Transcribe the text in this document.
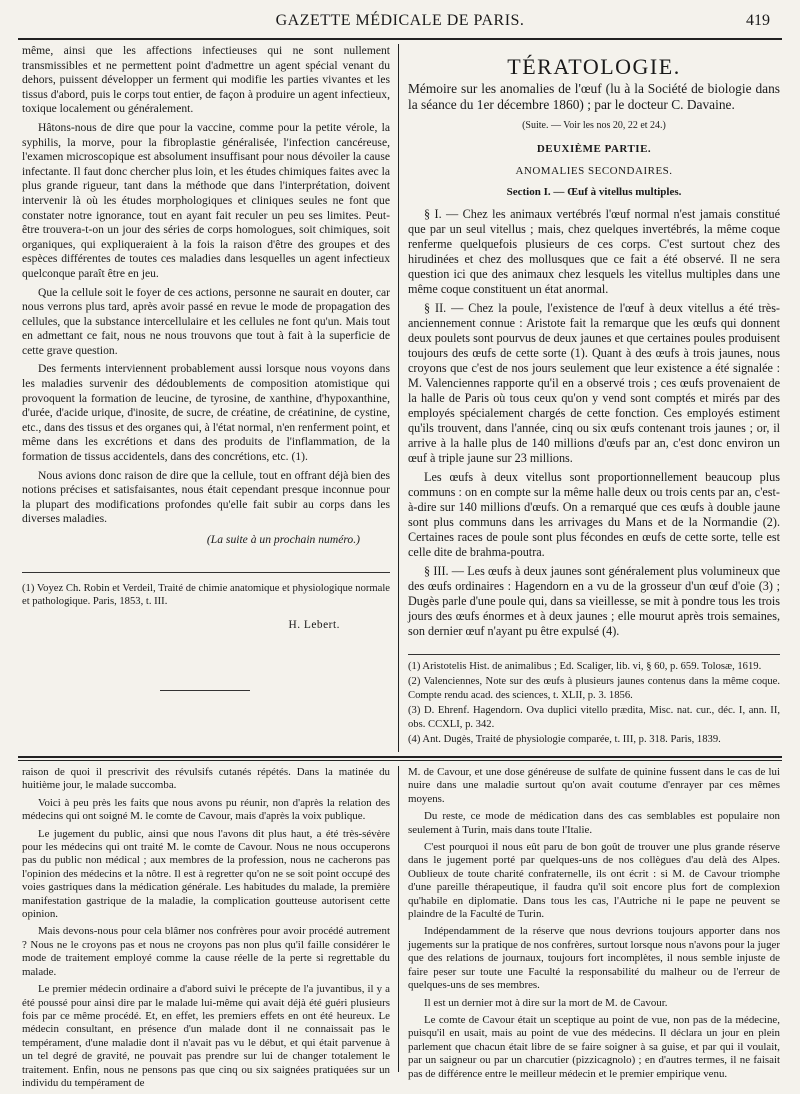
GAZETTE MÉDICALE DE PARIS.	419

même, ainsi que les affections infectieuses qui ne sont nullement transmissibles et ne permettent point d'admettre un agent spécial venant du dehors, puissent développer un ferment qui modifie les parties vivantes et les tissus d'abord, puis le corps tout entier, de façon à produire un agent infectieux, toxique localement ou généralement.

Hâtons-nous de dire que pour la vaccine, comme pour la petite vérole, la syphilis, la morve, pour la fibroplastie généralisée, l'infection cancéreuse, l'examen microscopique est absolument insuffisant pour nous dévoiler la cause infectante. Il faut donc chercher plus loin, et les études chimiques faites avec la plus grande rigueur, tant dans la méthode que dans l'interprétation, doivent intervenir là où les études morphologiques et cliniques seules ne font que constater notre ignorance, tout en ayant fait reculer un peu ses limites. Peut-être trouvera-t-on un jour des séries de corps homologues, soit chimiques, soit organiques, qui expliqueraient à la fois la raison d'être des groupes et des espèces différentes de toutes ces maladies dans lesquelles un agent infectieux quelconque paraît être en jeu.

Que la cellule soit le foyer de ces actions, personne ne saurait en douter, car nous verrons plus tard, après avoir passé en revue le mode de propagation des cellules, que la substance intercellulaire et les cellules ne font qu'un. Mais tout en admettant ce fait, nous ne nous trouvons que tout à fait à la superficie de cette grave question.

Des ferments interviennent probablement aussi lorsque nous voyons dans les maladies survenir des dédoublements de composition atomistique qui provoquent la formation de leucine, de tyrosine, de xanthine, d'hypoxanthine, d'urée, d'acide urique, d'inosite, de sucre, de créatine, de créatinine, de cystine, etc., dans des tissus et des organes qui, à l'état normal, n'en renferment point, et même dans les excrétions et dans des produits de l'inflammation, de la formation de tissus accidentels, dans des concrétions, etc. (1).

Nous avions donc raison de dire que la cellule, tout en offrant déjà bien des notions précises et satisfaisantes, nous était cependant presque inconnue pour la plupart des modifications profondes qu'elle fait subir au corps dans les diverses maladies.

(La suite à un prochain numéro.)

(1) Voyez Ch. Robin et Verdeil, Traité de chimie anatomique et physiologique normale et pathologique. Paris, 1853, t. III.

H. Lebert.
TÉRATOLOGIE.
Mémoire sur les anomalies de l'œuf (lu à la Société de biologie dans la séance du 1er décembre 1860) ; par le docteur C. Davaine.
(Suite. — Voir les nos 20, 22 et 24.)
DEUXIÈME PARTIE.
ANOMALIES SECONDAIRES.
Section I. — Œuf à vitellus multiples.

§ I. — Chez les animaux vertébrés l'œuf normal n'est jamais constitué que par un seul vitellus ; mais, chez quelques invertébrés, la même coque renferme quelquefois plusieurs de ces corps. C'est surtout chez des hirudinées et chez des mollusques que ce fait a été observé. Il ne sera question ici que des animaux chez lesquels les vitellus multiples dans une même coque constituent un état anormal.

§ II. — Chez la poule, l'existence de l'œuf à deux vitellus a été très-anciennement connue : Aristote fait la remarque que les œufs qui donnent deux poulets sont pourvus de deux jaunes et que certaines poules produisent toujours des œufs de cette sorte (1). Quant à des œufs à trois jaunes, nous croyons que c'est de nos jours seulement que leur existence a été signalée : M. Valenciennes rapporte qu'il en a observé trois ; ces œufs provenaient de la halle de Paris où tous ceux qu'on y vend sont comptés et mirés par des employés spécialement chargés de cette fonction. Ces employés estiment qu'ils trouvent, dans l'année, cinq ou six œufs contenant trois jaunes ; or, il arrive à la halle plus de 140 millions d'œufs par an, c'est donc environ un œuf à triple jaune sur 23 millions.

Les œufs à deux vitellus sont proportionnellement beaucoup plus communs : on en compte sur la même halle deux ou trois cents par an, c'est-à-dire sur 140 millions d'œufs. On a remarqué que ces œufs à double jaune sont plus communs dans les arrivages du Mans et de la Normandie (2). Certaines races de poule sont plus fécondes en œufs de cette sorte, telle est celle dite de brahma-poutra.

§ III. — Les œufs à deux jaunes sont généralement plus volumineux que des œufs ordinaires : Hagendorn en a vu de la grosseur d'un œuf d'oie (3) ; Dugès parle d'une poule qui, dans sa vieillesse, se mit à pondre tous les trois jours des œufs énormes et à deux jaunes ; elle mourut après trois semaines, son dernier œuf n'ayant pu être expulsé (4).

(1) Aristotelis Hist. de animalibus ; Ed. Scaliger, lib. vi, § 60, p. 659. Tolosæ, 1619.

(2) Valenciennes, Note sur des œufs à plusieurs jaunes contenus dans la même coque. Compte rendu acad. des sciences, t. XLII, p. 3. 1856.

(3) D. Ehrenf. Hagendorn. Ova duplici vitello prædita, Misc. nat. cur., déc. I, ann. II, obs. CCXLI, p. 342.

(4) Ant. Dugès, Traité de physiologie comparée, t. III, p. 318. Paris, 1839.

raison de quoi il prescrivit des révulsifs cutanés répétés. Dans la matinée du huitième jour, le malade succomba.

Voici à peu près les faits que nous avons pu réunir, non d'après la relation des médecins qui ont soigné M. le comte de Cavour, mais d'après la voix publique.

Le jugement du public, ainsi que nous l'avons dit plus haut, a été très-sévère pour les médecins qui ont traité M. le comte de Cavour. Nous ne nous occuperons pas du public non médical ; aux membres de la profession, nous ne cacherons pas l'opinion des médecins et la nôtre. Il est à regretter qu'on ne se soit point occupé des voies gastriques dans la médication générale. Les habitudes du malade, la première manifestation gastrique de la maladie, la complication goutteuse autorisent cette opinion.

Mais devons-nous pour cela blâmer nos confrères pour avoir procédé autrement ? Nous ne le croyons pas et nous ne croyons pas non plus qu'il faille considérer le mode de traitement employé comme la cause réelle de la perte si regrettable du malade.

Le premier médecin ordinaire a d'abord suivi le précepte de l'a juvantibus, il y a été poussé pour ainsi dire par le malade lui-même qui avait déjà été guéri plusieurs fois par ce même procédé. Et, en effet, les premiers effets en ont été heureux. Le médecin consultant, en présence d'un malade dont il ne connaissait pas le tempérament, d'une maladie dont il n'avait pas vu le début, et qui était parvenue à un tel degré de gravité, ne pouvait pas prendre sur lui de changer totalement le traitement. Enfin, nous ne pensons pas que cinq ou six saignées pratiquées sur un individu du tempérament de

M. de Cavour, et une dose généreuse de sulfate de quinine fussent dans le cas de lui nuire dans une maladie surtout qu'on avait coutume d'enrayer par ces mêmes moyens.

Du reste, ce mode de médication dans des cas semblables est populaire non seulement à Turin, mais dans toute l'Italie.

C'est pourquoi il nous eût paru de bon goût de trouver une plus grande réserve dans le jugement porté par quelques-uns de nos collègues d'au delà des Alpes. Oublieux de toute charité confraternelle, ils ont écrit : si M. de Cavour triomphe d'une pareille thérapeutique, il faudra qu'il soit encore plus fort de complexion qu'habile en diplomatie. Dans tous les cas, l'Autriche ni le pape ne peuvent se plaindre de la Faculté de Turin.

Indépendamment de la réserve que nous devrions toujours apporter dans nos jugements sur la pratique de nos confrères, surtout lorsque nous n'avons pour la juger que des relations de journaux, toujours fort incomplètes, il nous semble injuste de faire peser sur toute une Faculté la responsabilité du malheur ou de l'erreur de quelques-uns de ses membres.

Il est un dernier mot à dire sur la mort de M. de Cavour.

Le comte de Cavour était un sceptique au point de vue, non pas de la médecine, puisqu'il en usait, mais au point de vue des médecins. Il déclara un jour en plein parlement que chacun était libre de se faire soigner à sa guise, et par qui il voulait, par un saigneur ou par un charcutier (pizzicagnolo) ; en d'autres termes, il ne faisait pas de différence entre le meilleur médecin et le premier empirique venu.
